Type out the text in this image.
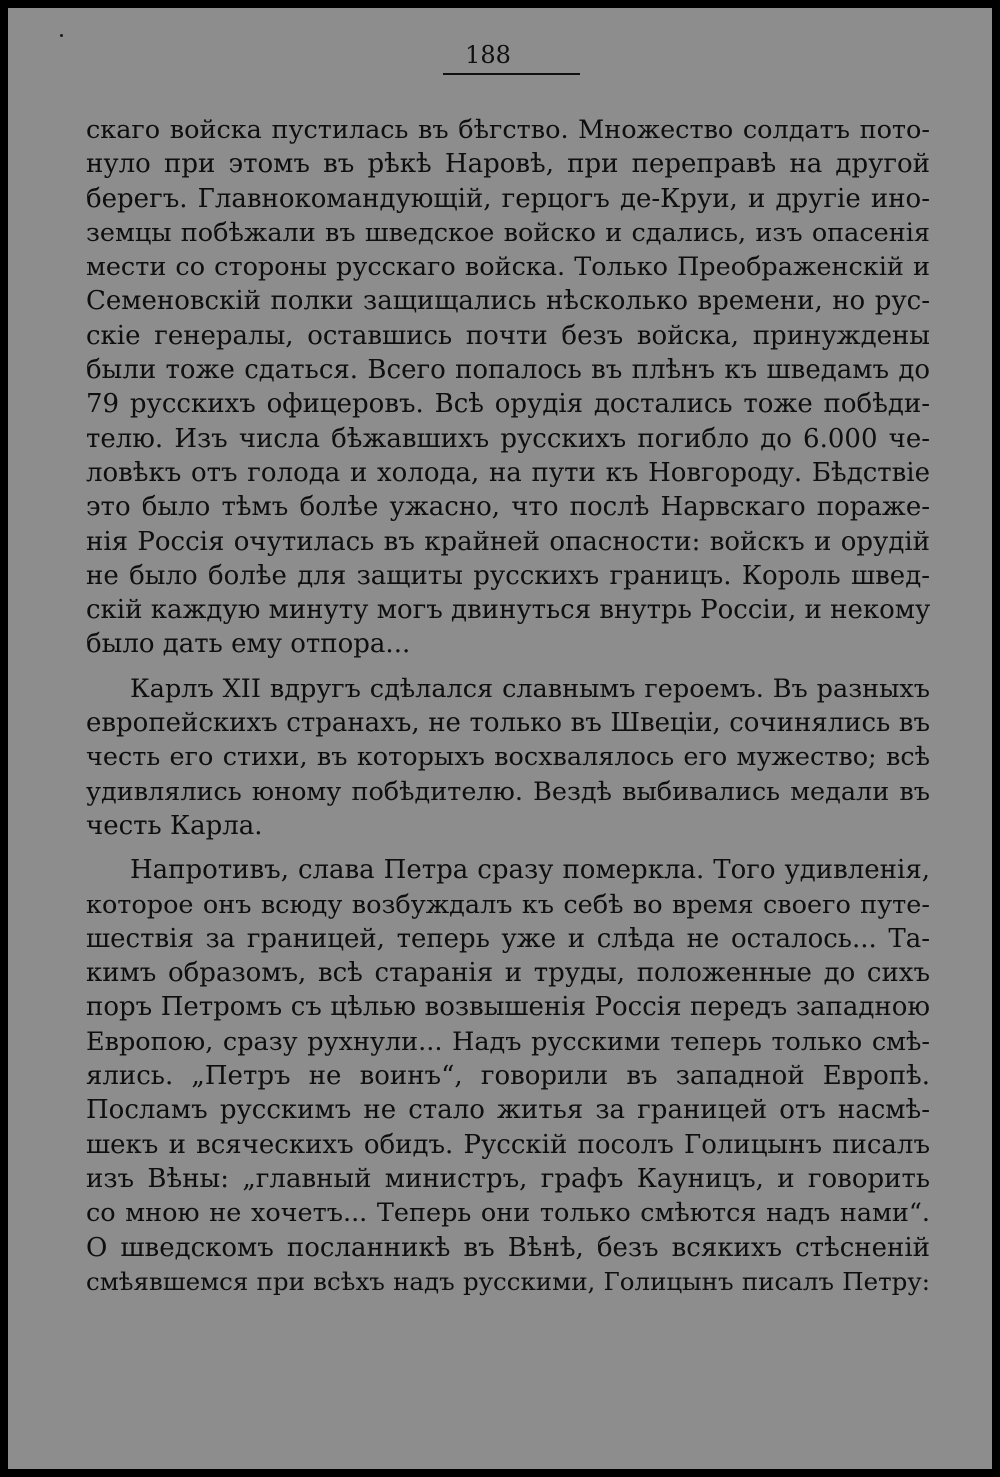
188
скаго войска пустилась въ бѣгство. Множество солдатъ пото-
нуло при этомъ въ рѣкѣ Наровѣ, при переправѣ на другой
берегъ. Главнокомандующій, герцогъ де-Круи, и другіе ино-
земцы побѣжали въ шведское войско и сдались, изъ опасенія
мести со стороны русскаго войска. Только Преображенскій и
Семеновскій полки защищались нѣсколько времени, но рус-
скіе генералы, оставшись почти безъ войска, принуждены
были тоже сдаться. Всего попалось въ плѣнъ къ шведамъ до
79 русскихъ офицеровъ. Всѣ орудія достались тоже побѣди-
телю. Изъ числа бѣжавшихъ русскихъ погибло до 6.000 че-
ловѣкъ отъ голода и холода, на пути къ Новгороду. Бѣдствіе
это было тѣмъ болѣе ужасно, что послѣ Нарвскаго пораже-
нія Россія очутилась въ крайней опасности: войскъ и орудій
не было болѣе для защиты русскихъ границъ. Король швед-
скій каждую минуту могъ двинуться внутрь Россіи, и некому
было дать ему отпора...
Карлъ XII вдругъ сдѣлался славнымъ героемъ. Въ разныхъ
европейскихъ странахъ, не только въ Швеціи, сочинялись въ
честь его стихи, въ которыхъ восхвалялось его мужество; всѣ
удивлялись юному побѣдителю. Вездѣ выбивались медали въ
честь Карла.
Напротивъ, слава Петра сразу померкла. Того удивленія,
которое онъ всюду возбуждалъ къ себѣ во время своего путе-
шествія за границей, теперь уже и слѣда не осталось... Та-
кимъ образомъ, всѣ старанія и труды, положенные до сихъ
поръ Петромъ съ цѣлью возвышенія Россія передъ западною
Европою, сразу рухнули... Надъ русскими теперь только смѣ-
ялись. „Петръ не воинъ“, говорили въ западной Европѣ.
Посламъ русскимъ не стало житья за границей отъ насмѣ-
шекъ и всяческихъ обидъ. Русскій посолъ Голицынъ писалъ
изъ Вѣны: „главный министръ, графъ Кауницъ, и говорить
со мною не хочетъ... Теперь они только смѣются надъ нами“.
О шведскомъ посланникѣ въ Вѣнѣ, безъ всякихъ стѣсненій
смѣявшемся при всѣхъ надъ русскими, Голицынъ писалъ Петру:
